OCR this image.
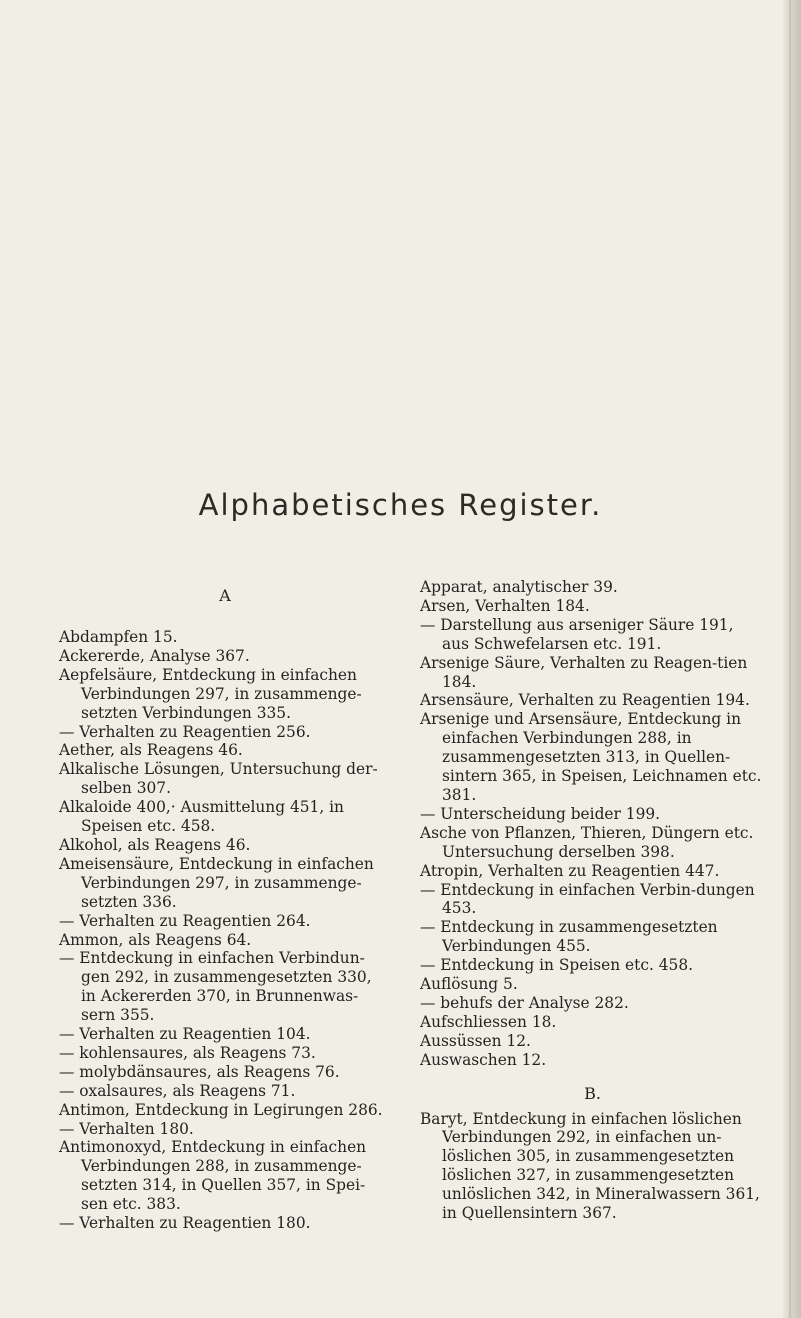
Alphabetisches Register.
A

Abdampfen 15.

Ackererde, Analyse 367.

Aepfelsäure, Entdeckung in einfachen Verbindungen 297, in zusammenge-setzten Verbindungen 335.

— Verhalten zu Reagentien 256.

Aether, als Reagens 46.

Alkalische Lösungen, Untersuchung der-selben 307.

Alkaloide 400,· Ausmittelung 451, in Speisen etc. 458.

Alkohol, als Reagens 46.

Ameisensäure, Entdeckung in einfachen Verbindungen 297, in zusammenge-setzten 336.

— Verhalten zu Reagentien 264.

Ammon, als Reagens 64.

— Entdeckung in einfachen Verbindun-gen 292, in zusammengesetzten 330, in Ackererden 370, in Brunnenwas-sern 355.

— Verhalten zu Reagentien 104.

— kohlensaures, als Reagens 73.

— molybdänsaures, als Reagens 76.

— oxalsaures, als Reagens 71.

Antimon, Entdeckung in Legirungen 286.

— Verhalten 180.

Antimonoxyd, Entdeckung in einfachen Verbindungen 288, in zusammenge-setzten 314, in Quellen 357, in Spei-sen etc. 383.

— Verhalten zu Reagentien 180.

Apparat, analytischer 39.

Arsen, Verhalten 184.

— Darstellung aus arseniger Säure 191, aus Schwefelarsen etc. 191.

Arsenige Säure, Verhalten zu Reagen-tien 184.

Arsensäure, Verhalten zu Reagentien 194.

Arsenige und Arsensäure, Entdeckung in einfachen Verbindungen 288, in zusammengesetzten 313, in Quellen-sintern 365, in Speisen, Leichnamen etc. 381.

— Unterscheidung beider 199.

Asche von Pflanzen, Thieren, Düngern etc. Untersuchung derselben 398.

Atropin, Verhalten zu Reagentien 447.

— Entdeckung in einfachen Verbin-dungen 453.

— Entdeckung in zusammengesetzten Verbindungen 455.

— Entdeckung in Speisen etc. 458.

Auflösung 5.

— behufs der Analyse 282.

Aufschliessen 18.

Aussüssen 12.

Auswaschen 12.

B.

Baryt, Entdeckung in einfachen löslichen Verbindungen 292, in einfachen un-löslichen 305, in zusammengesetzten löslichen 327, in zusammengesetzten unlöslichen 342, in Mineralwassern 361, in Quellensintern 367.
